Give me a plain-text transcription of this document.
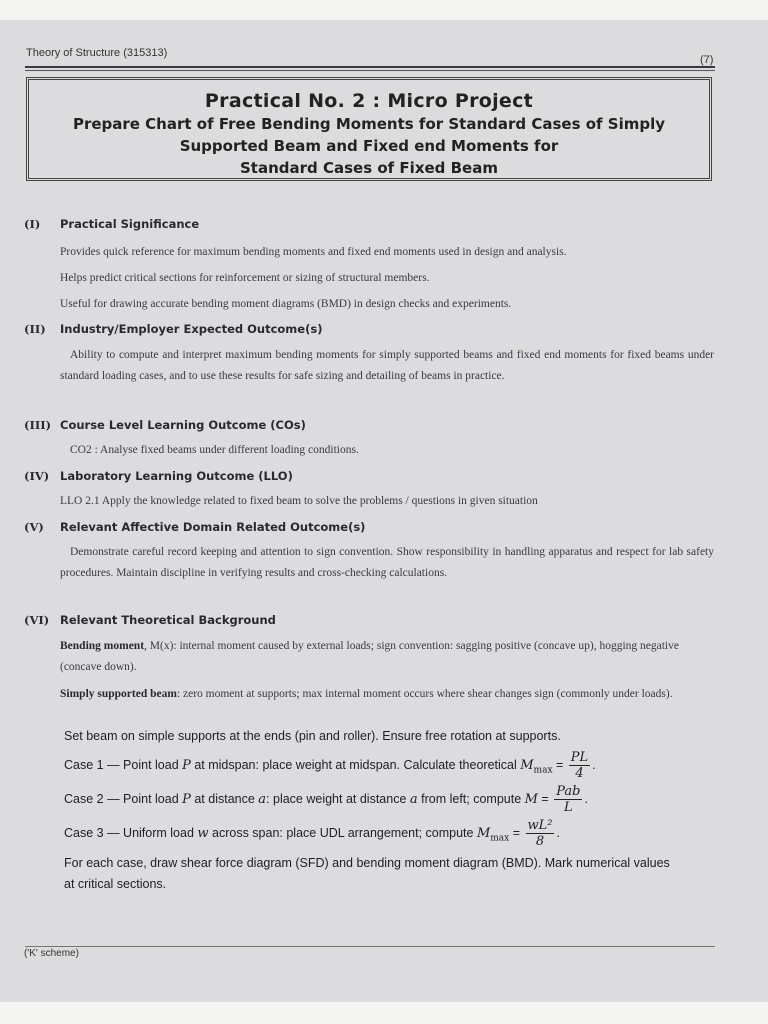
Theory of Structure (315313)
(7)
Practical No. 2 : Micro Project
Prepare Chart of Free Bending Moments for Standard Cases of Simply
Supported Beam and Fixed end Moments for
Standard Cases of Fixed Beam
(I) Practical Significance
Provides quick reference for maximum bending moments and fixed end moments used in design and analysis.
Helps predict critical sections for reinforcement or sizing of structural members.
Useful for drawing accurate bending moment diagrams (BMD) in design checks and experiments.
(II) Industry/Employer Expected Outcome(s)
Ability to compute and interpret maximum bending moments for simply supported beams and fixed end moments for fixed beams under standard loading cases, and to use these results for safe sizing and detailing of beams in practice.
(III) Course Level Learning Outcome (COs)
CO2 : Analyse fixed beams under different loading conditions.
(IV) Laboratory Learning Outcome (LLO)
LLO 2.1 Apply the knowledge related to fixed beam to solve the problems / questions in given situation
(V) Relevant Affective Domain Related Outcome(s)
Demonstrate careful record keeping and attention to sign convention. Show responsibility in handling apparatus and respect for lab safety procedures. Maintain discipline in verifying results and cross-checking calculations.
(VI) Relevant Theoretical Background
Bending moment, M(x): internal moment caused by external loads; sign convention: sagging positive (concave up), hogging negative (concave down).
Simply supported beam: zero moment at supports; max internal moment occurs where shear changes sign (commonly under loads).
Set beam on simple supports at the ends (pin and roller). Ensure free rotation at supports.
Case 1 — Point load P at midspan: place weight at midspan. Calculate theoretical $M_{max} = \frac{PL}{4}$ .
Case 2 — Point load P at distance a: place weight at distance a from left; compute $M = \frac{\text{Pab}}{L}$ .
Case 3 — Uniform load w across span: place UDL arrangement; compute $M_{max} = \frac{\text{wL²}}{8}$ .
For each case, draw shear force diagram (SFD) and bending moment diagram (BMD). Mark numerical values at critical sections.
('K' scheme)
